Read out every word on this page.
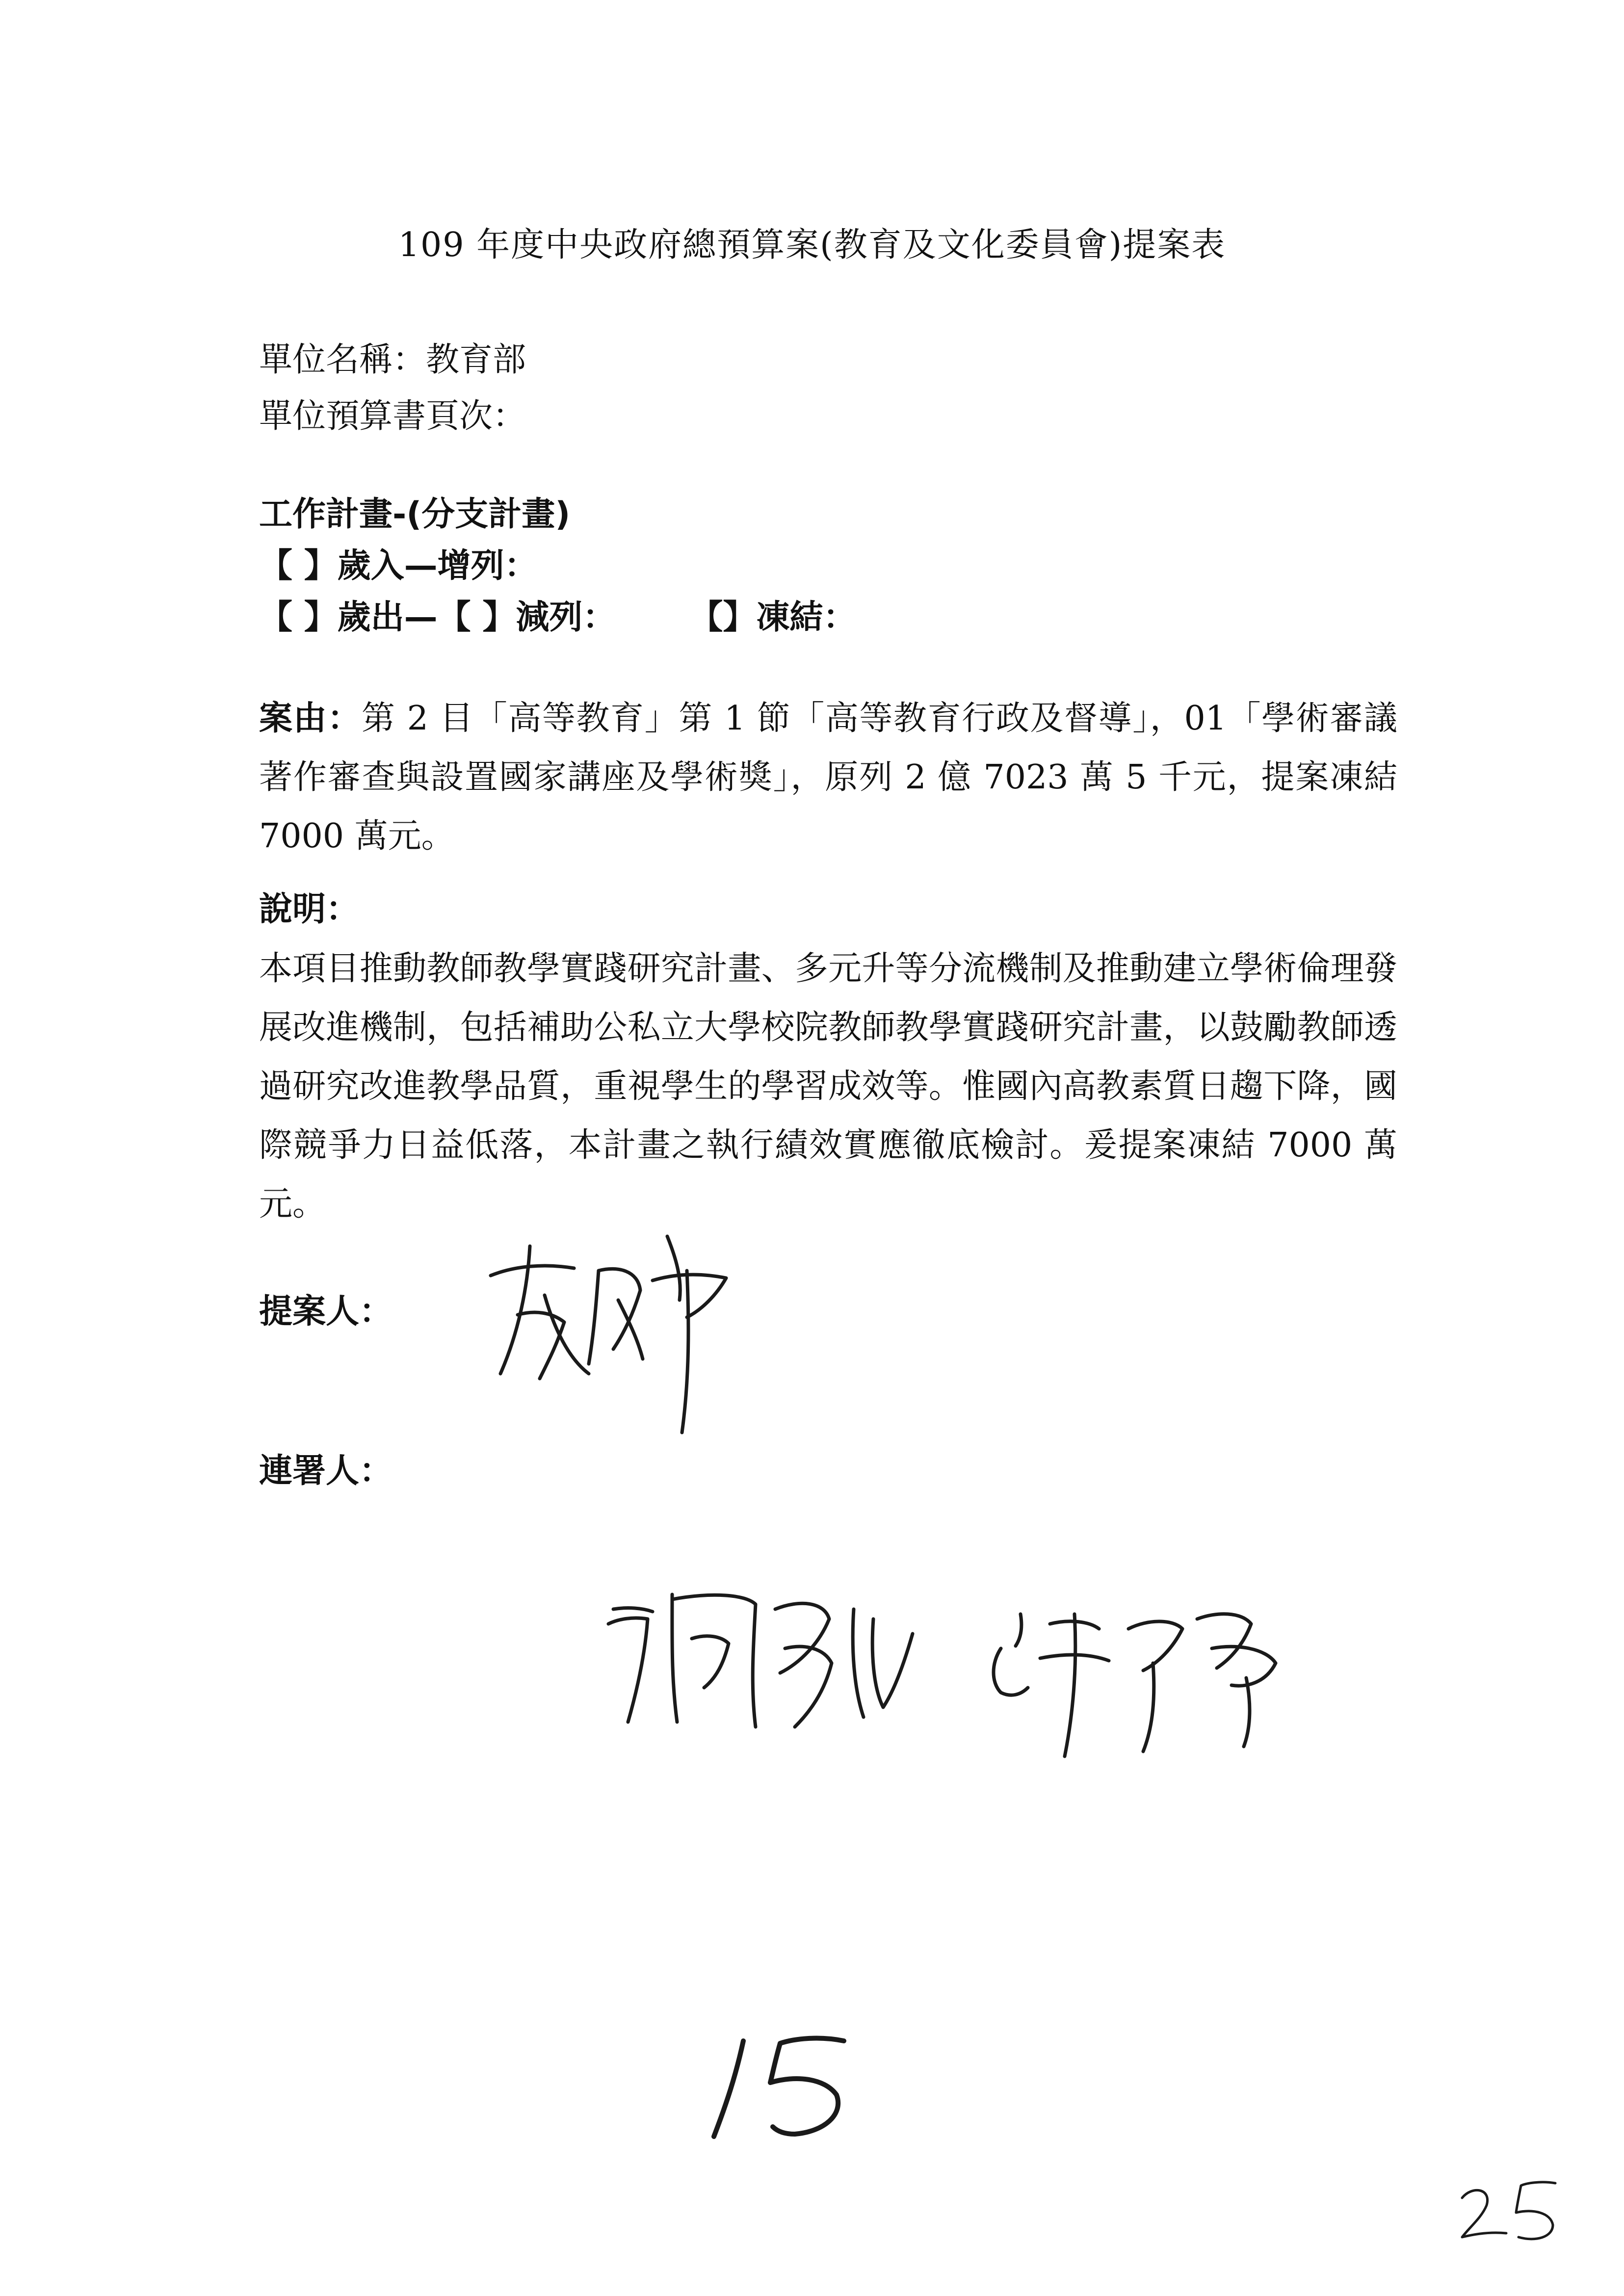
109 年度中央政府總預算案(教育及文化委員會)提案表
單位名稱：教育部
單位預算書頁次：
工作計畫-(分支計畫)
【 】歲入—增列：
【 】歲出—【 】減列： 【】凍結：
案由：第 2 目「高等教育」第 1 節「高等教育行政及督導」，01「學術審議著作審查與設置國家講座及學術獎」，原列 2 億 7023 萬 5 千元，提案凍結 7000 萬元。
說明：
本項目推動教師教學實踐研究計畫、多元升等分流機制及推動建立學術倫理發展改進機制，包括補助公私立大學校院教師教學實踐研究計畫，以鼓勵教師透過研究改進教學品質，重視學生的學習成效等。惟國內高教素質日趨下降，國際競爭力日益低落，本計畫之執行績效實應徹底檢討。爰提案凍結 7000 萬元。
提案人：
連署人：
